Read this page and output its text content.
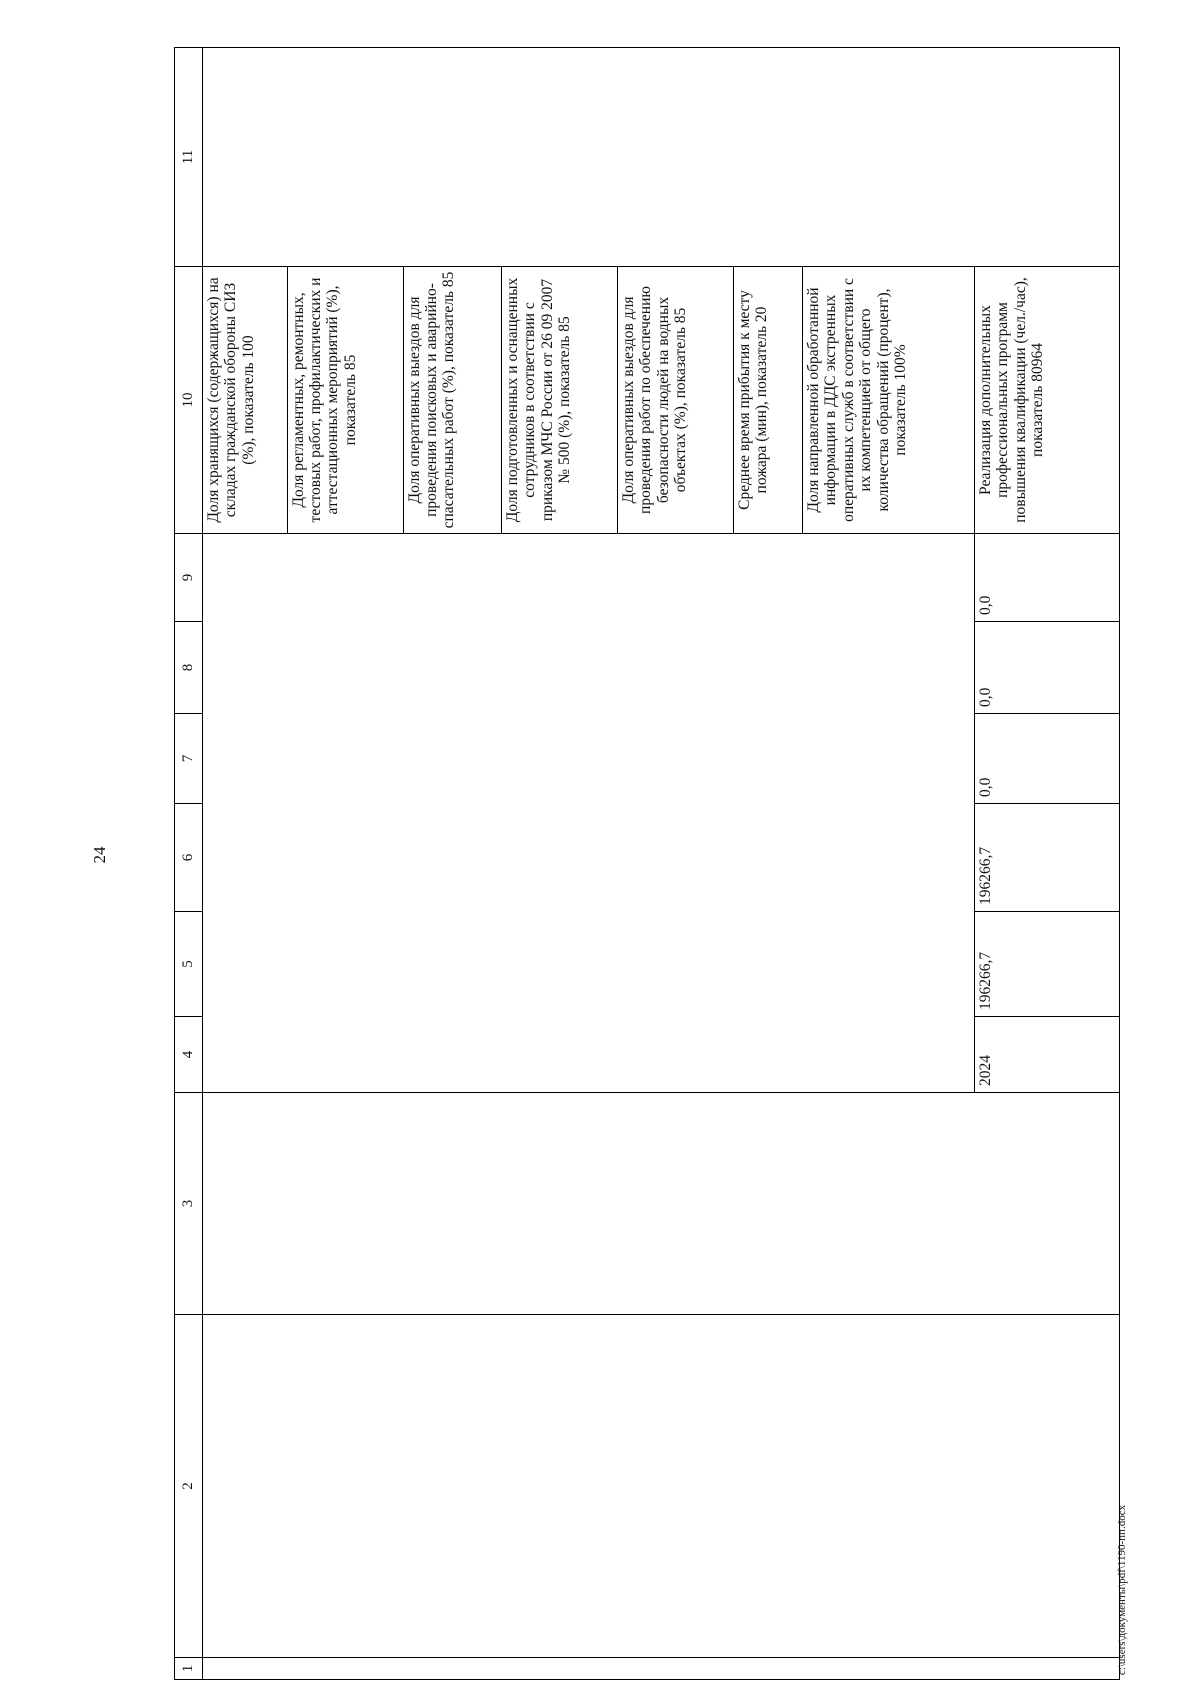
24
1	2	3	4	5	6	7	8	9	10	11
									Доля хранящихся (содержащихся) на складах гражданской обороны СИЗ (%), показатель 100	
									Доля регламентных, ремонтных, тестовых работ, профилактических и аттестационных мероприятий (%), показатель 85	
									Доля оперативных выездов для проведения поисковых и аварийно-спасательных работ (%), показатель 85	
									Доля подготовленных и оснащенных сотрудников в соответствии с приказом МЧС России от 26 09 2007 № 500 (%), показатель 85	
									Доля оперативных выездов для проведения работ по обеспечению безопасности людей на водных объектах (%), показатель 85	
									Среднее время прибытия к месту пожара (мин), показатель 20	
									Доля направленной обработанной информации в ДДС экстренных оперативных служб в соответствии с их компетенцией от общего количества обращений (процент), показатель 100%	
			2024	196266,7	196266,7	0,0	0,0	0,0	Реализация дополнительных профессиональных программ повышения квалификации (чел./час), показатель 80964	
c:\users\документы\pdf\1190-пп.docx
